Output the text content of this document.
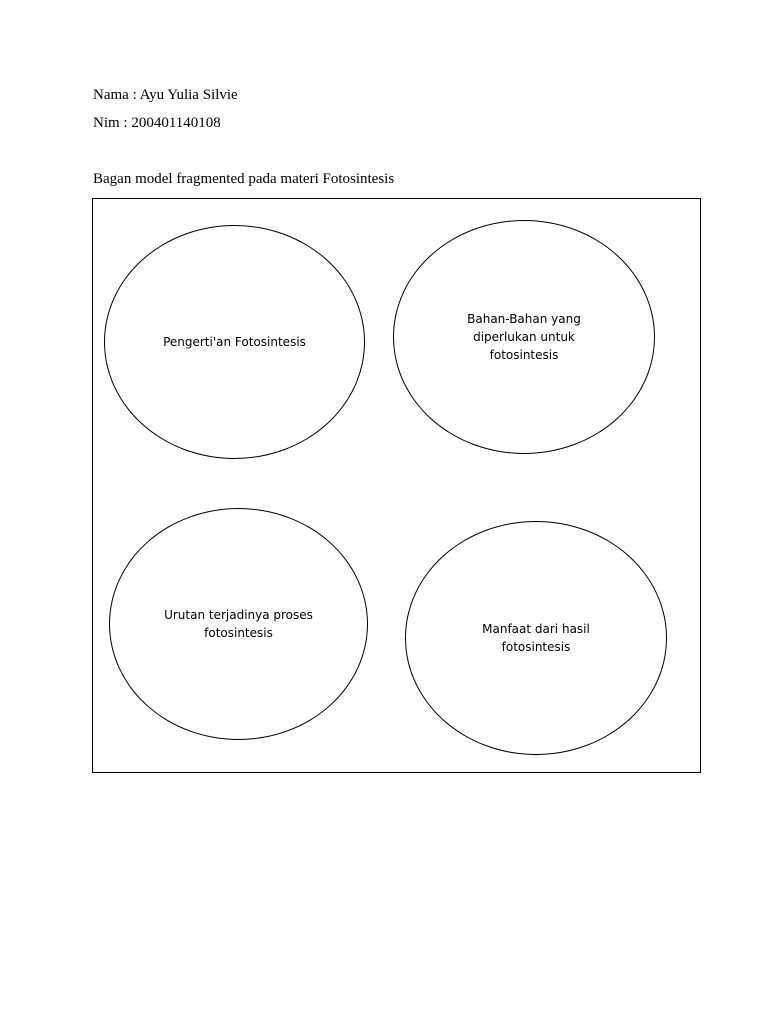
Nama : Ayu Yulia Silvie
Nim : 200401140108
Bagan model fragmented pada materi Fotosintesis
Pengerti'an Fotosintesis
Bahan-Bahan yang
diperlukan untuk
fotosintesis
Urutan terjadinya proses
fotosintesis	Manfaat dari hasil
fotosintesis
